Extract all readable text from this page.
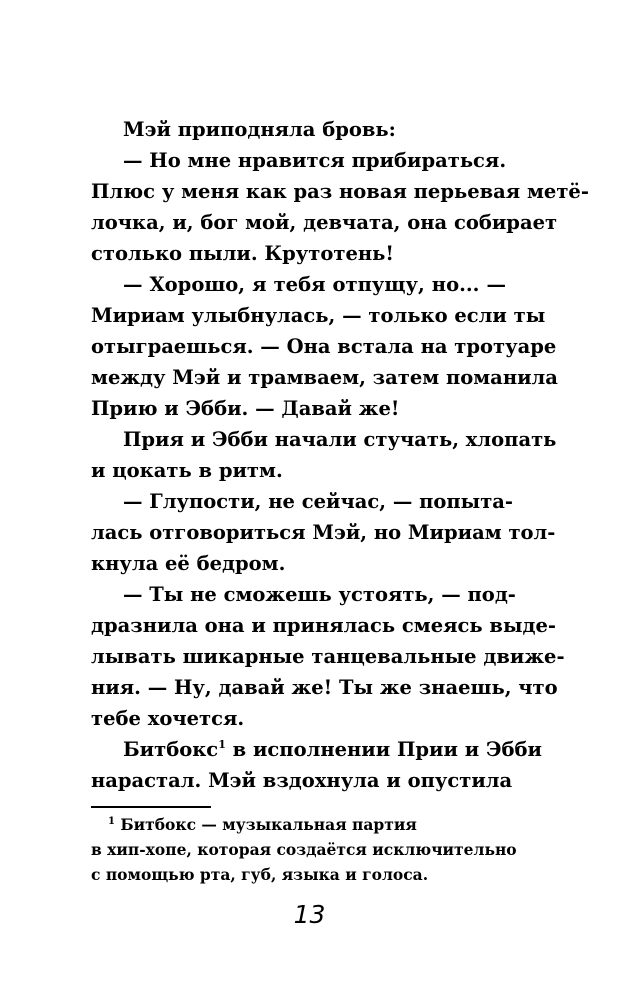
Мэй приподняла бровь:
— Но мне нравится прибираться.
Плюс у меня как раз новая перьевая метё-
лочка, и, бог мой, девчата, она собирает
столько пыли. Крутотень!
— Хорошо, я тебя отпущу, но... —
Мириам улыбнулась, — только если ты
отыграешься. — Она встала на тротуаре
между Мэй и трамваем, затем поманила
Прию и Эбби. — Давай же!
Прия и Эбби начали стучать, хлопать
и цокать в ритм.
— Глупости, не сейчас, — попыта-
лась отговориться Мэй, но Мириам тол-
кнула её бедром.
— Ты не сможешь устоять, — под-
дразнила она и принялась смеясь выде-
лывать шикарные танцевальные движе-
ния. — Ну, давай же! Ты же знаешь, что
тебе хочется.
Битбокс$^1$ в исполнении Прии и Эбби
нарастал. Мэй вздохнула и опустила
$^1$ Битбокс — музыкальная партия
в хип-хопе, которая создаётся исключительно
с помощью рта, губ, языка и голоса.
13
